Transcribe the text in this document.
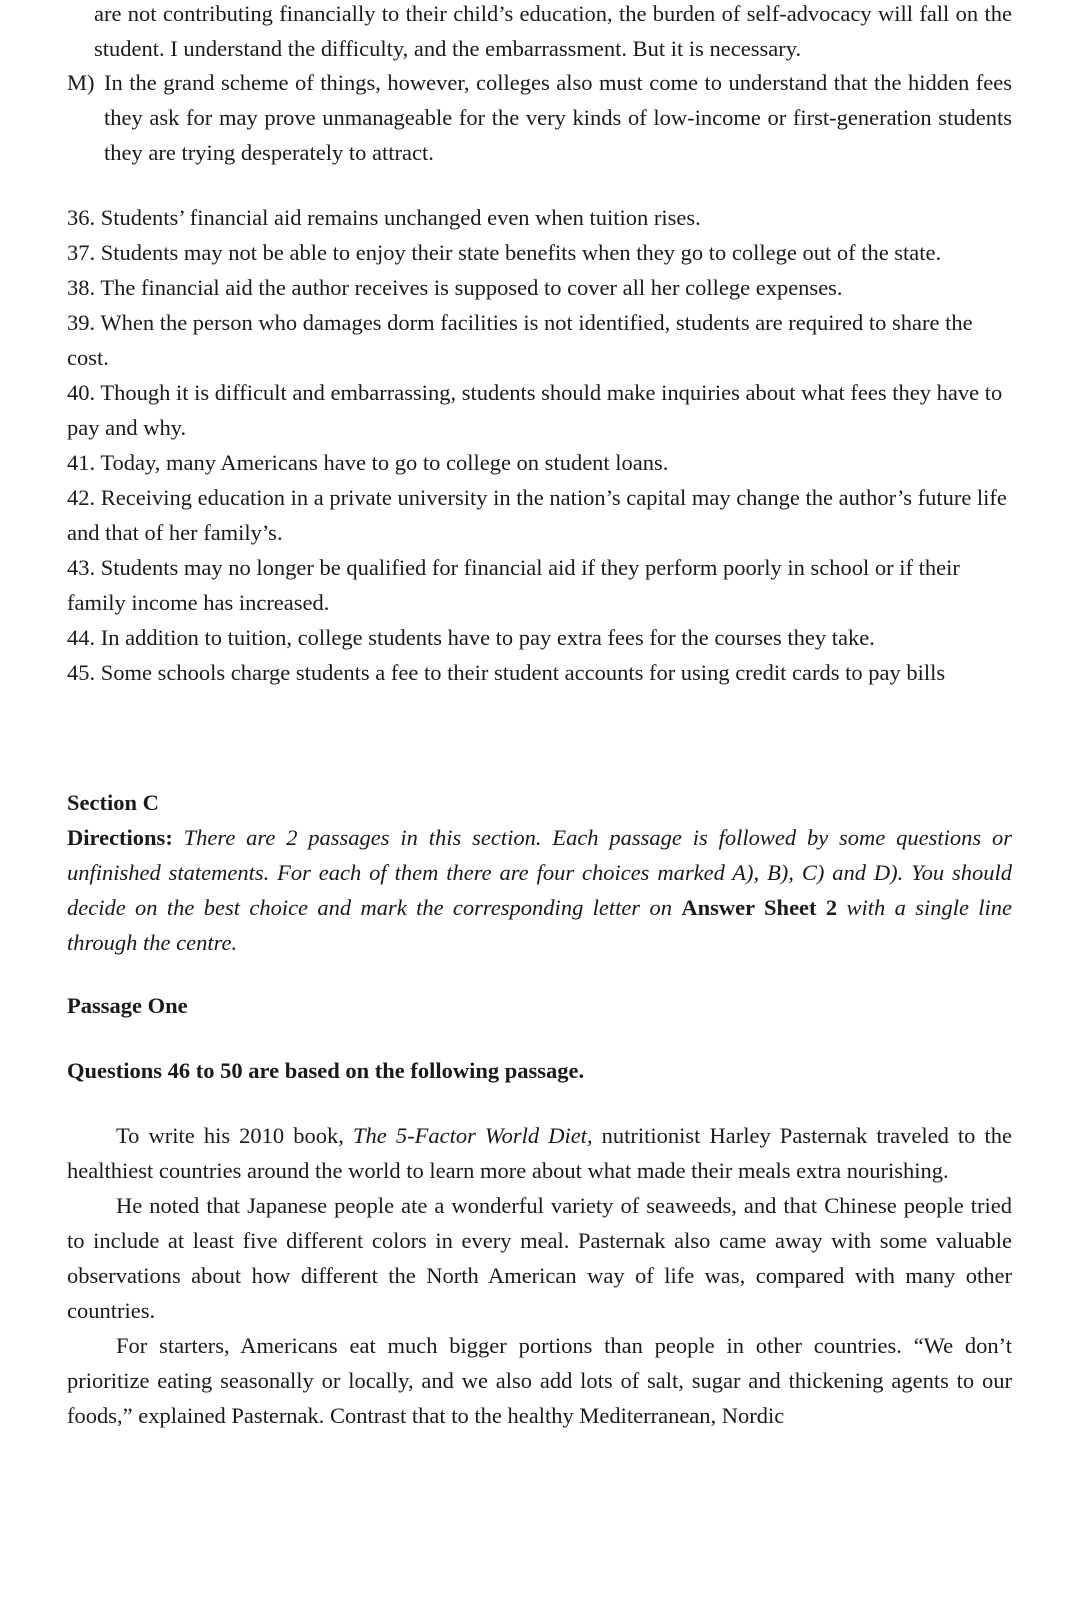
are not contributing financially to their child’s education, the burden of self-advocacy will fall on the student. I understand the difficulty, and the embarrassment. But it is necessary.
M) In the grand scheme of things, however, colleges also must come to understand that the hidden fees they ask for may prove unmanageable for the very kinds of low-income or first-generation students they are trying desperately to attract.

36. Students’ financial aid remains unchanged even when tuition rises.

37. Students may not be able to enjoy their state benefits when they go to college out of the state.

38. The financial aid the author receives is supposed to cover all her college expenses.

39. When the person who damages dorm facilities is not identified, students are required to share the cost.

40. Though it is difficult and embarrassing, students should make inquiries about what fees they have to pay and why.

41. Today, many Americans have to go to college on student loans.

42. Receiving education in a private university in the nation’s capital may change the author’s future life and that of her family’s.

43. Students may no longer be qualified for financial aid if they perform poorly in school or if their family income has increased.

44. In addition to tuition, college students have to pay extra fees for the courses they take.

45. Some schools charge students a fee to their student accounts for using credit cards to pay bills

Section C
Directions: There are 2 passages in this section. Each passage is followed by some questions or unfinished statements. For each of them there are four choices marked A), B), C) and D). You should decide on the best choice and mark the corresponding letter on Answer Sheet 2 with a single line through the centre.
Passage One
Questions 46 to 50 are based on the following passage.

To write his 2010 book, The 5-Factor World Diet, nutritionist Harley Pasternak traveled to the healthiest countries around the world to learn more about what made their meals extra nourishing.

He noted that Japanese people ate a wonderful variety of seaweeds, and that Chinese people tried to include at least five different colors in every meal. Pasternak also came away with some valuable observations about how different the North American way of life was, compared with many other countries.

For starters, Americans eat much bigger portions than people in other countries. “We don’t prioritize eating seasonally or locally, and we also add lots of salt, sugar and thickening agents to our foods,” explained Pasternak. Contrast that to the healthy Mediterranean, Nordic
